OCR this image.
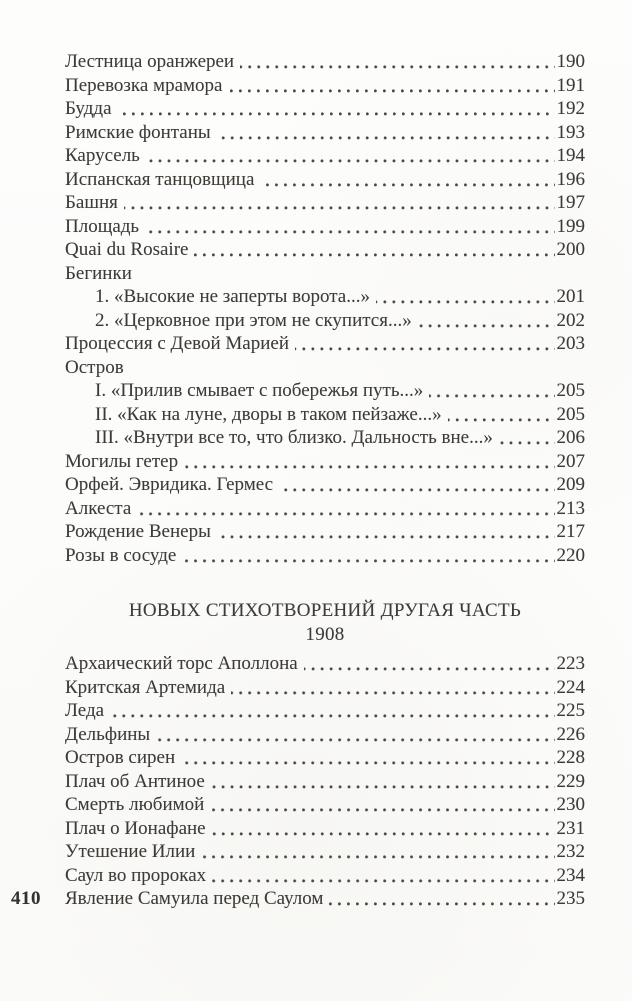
Лестница оранжереи	190
Перевозка мрамора	191
Будда	192
Римские фонтаны	193
Карусель	194
Испанская танцовщица	196
Башня	197
Площадь	199
Quai du Rosaire	200
Бегинки
1. «Высокие не заперты ворота...»	201
2. «Церковное при этом не скупится...»	202
Процессия с Девой Марией	203
Остров
I. «Прилив смывает с побережья путь...»	205
II. «Как на луне, дворы в таком пейзаже...»	205
III. «Внутри все то, что близко. Дальность вне...»	206
Могилы гетер	207
Орфей. Эвридика. Гермес	209
Алкеста	213
Рождение Венеры	217
Розы в сосуде	220
НОВЫХ СТИХОТВОРЕНИЙ ДРУГАЯ ЧАСТЬ
1908
Архаический торс Аполлона	223
Критская Артемида	224
Леда	225
Дельфины	226
Остров сирен	228
Плач об Антиное	229
Смерть любимой	230
Плач о Ионафане	231
Утешение Илии	232
Саул во пророках	234
Явление Самуила перед Саулом	235
410
